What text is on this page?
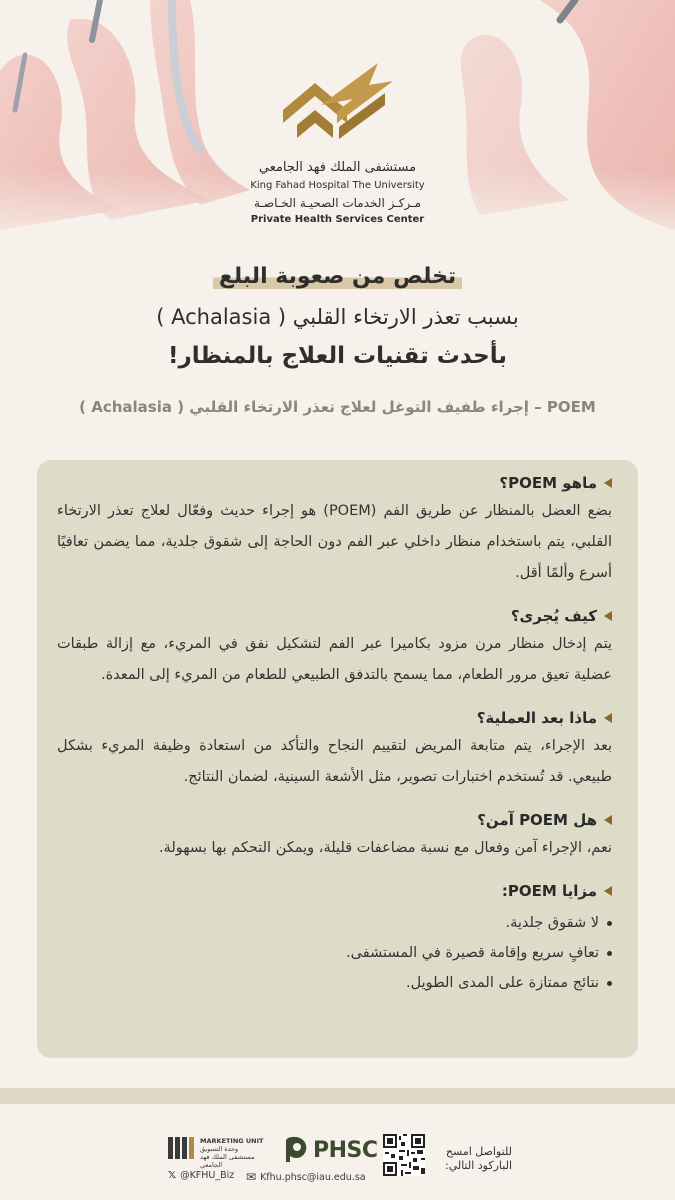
مستشفى الملك فهد الجامعي
King Fahad Hospital The University
مـركـز الخدمات الصحيـة الخـاصـة
Private Health Services Center
تخلص من صعوبة البلع
بسبب تعذر الارتخاء القلبي ( Achalasia )
بأحدث تقنيات العلاج بالمنظار!
POEM – إجراء طفيف التوغل لعلاج تعذر الارتخاء القلبي ( Achalasia )

ماهو POEM؟

بضع العضل بالمنظار عن طريق الفم (POEM) هو إجراء حديث وفعّال لعلاج تعذر الارتخاء القلبي، يتم باستخدام منظار داخلي عبر الفم دون الحاجة إلى شقوق جلدية، مما يضمن تعافيًا أسرع وألمًا أقل.

كيف يُجرى؟

يتم إدخال منظار مرن مزود بكاميرا عبر الفم لتشكيل نفق في المريء، مع إزالة طبقات عضلية تعيق مرور الطعام، مما يسمح بالتدفق الطبيعي للطعام من المريء إلى المعدة.

ماذا بعد العملية؟

بعد الإجراء، يتم متابعة المريض لتقييم النجاح والتأكد من استعادة وظيفة المريء بشكل طبيعي. قد تُستخدم اختبارات تصوير، مثل الأشعة السينية، لضمان النتائج.

هل POEM آمن؟

نعم، الإجراء آمن وفعال مع نسبة مضاعفات قليلة، ويمكن التحكم بها بسهولة.

مزايا POEM:

لا شقوق جلدية.
تعافٍ سريع وإقامة قصيرة في المستشفى.
نتائج ممتازة على المدى الطويل.
MARKETING UNIT
وحدة التسويق
مستشفى الملك فهد الجامعي
𝕏 @KFHU_Biz
PHSC
✉ Kfhu.phsc@iau.edu.sa
للتواصل امسح
الباركود التالي:
